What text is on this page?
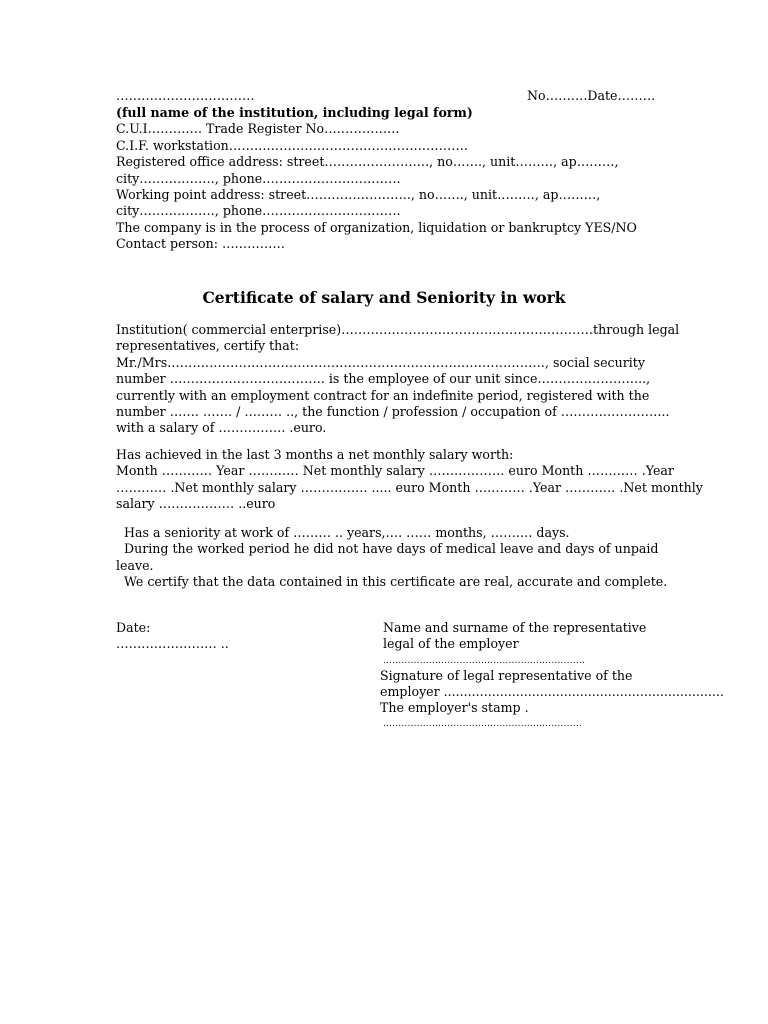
……………………………	No……….Date………
(full name of the institution, including legal form)
C.U.I…………. Trade Register No………………
C.I.F. workstation…………………………………………………
Registered office address: street……………………., no……., unit………, ap………,
city………………, phone……………………………
Working point address: street……………………., no……., unit………, ap………,
city………………, phone……………………………
The company is in the process of organization, liquidation or bankruptcy YES/NO
Contact person: ……………
Certificate of salary and Seniority in work
Institution( commercial enterprise)……………………………………………………through legal
representatives, certify that:
Mr./Mrs………………………………………………………………………………, social security
number ………………………………. is the employee of our unit since……………………..,
currently with an employment contract for an indefinite period, registered with the
number ……. ……. / ……… .., the function / profession / occupation of ……………………..
with a salary of ……………. .euro.
Has achieved in the last 3 months a net monthly salary worth:
Month ………… Year ………… Net monthly salary ……………… euro Month ………… .Year
………… .Net monthly salary ……………. ..... euro Month ………… .Year ………… .Net monthly
salary ……………… ..euro
Has a seniority at work of ……… .. years,…. …… months, ………. days.
During the worked period he did not have days of medical leave and days of unpaid
leave.
We certify that the data contained in this certificate are real, accurate and complete.
Date:
…………………… ..
Name and surname of the representative
legal of the employer
..................................................................
Signature of legal representative of the
employer ......................................................................
The employer's stamp .
.................................................................
